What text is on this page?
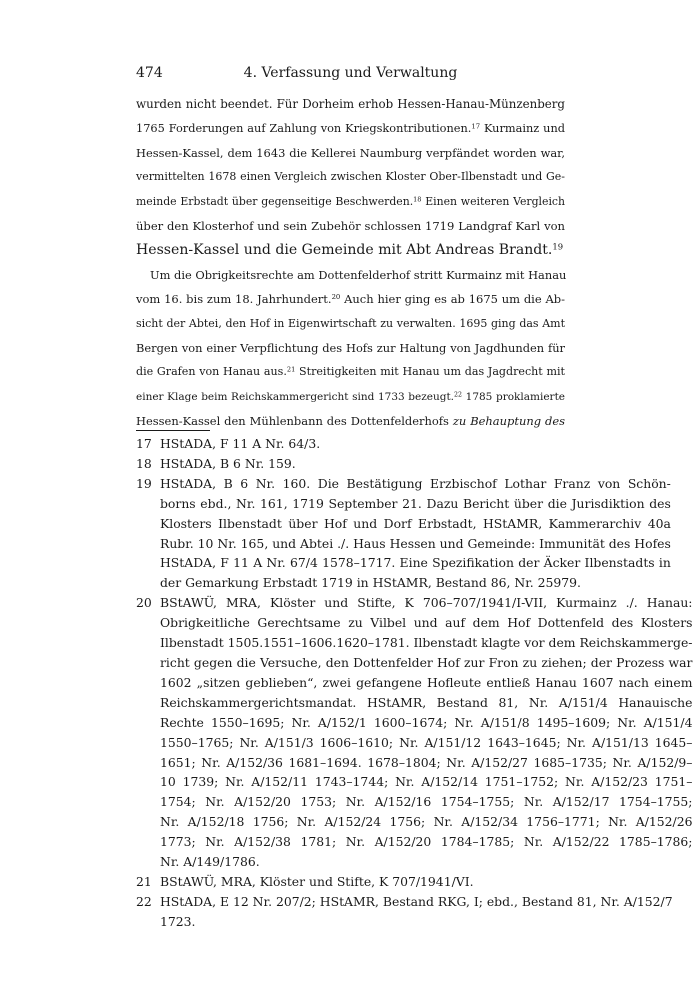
474	4. Verfassung und Verwaltung

wurden nicht beendet. Für Dorheim erhob Hessen-Hanau-Münzenberg
1765 Forderungen auf Zahlung von Kriegskontributionen.$^{17}$ Kurmainz und
Hessen-Kassel, dem 1643 die Kellerei Naumburg verpfändet worden war,
vermittelten 1678 einen Vergleich zwischen Kloster Ober-Ilbenstadt und Ge-
meinde Erbstadt über gegenseitige Beschwerden.$^{18}$ Einen weiteren Vergleich
über den Klosterhof und sein Zubehör schlossen 1719 Landgraf Karl von
Hessen-Kassel und die Gemeinde mit Abt Andreas Brandt.$^{19}$

Um die Obrigkeitsrechte am Dottenfelderhof stritt Kurmainz mit Hanau
vom 16. bis zum 18. Jahrhundert.$^{20}$ Auch hier ging es ab 1675 um die Ab-
sicht der Abtei, den Hof in Eigenwirtschaft zu verwalten. 1695 ging das Amt
Bergen von einer Verpflichtung des Hofs zur Haltung von Jagdhunden für
die Grafen von Hanau aus.$^{21}$ Streitigkeiten mit Hanau um das Jagdrecht mit
einer Klage beim Reichskammergericht sind 1733 bezeugt.$^{22}$ 1785 proklamierte
Hessen-Kassel den Mühlenbann des Dottenfelderhofs zu Behauptung des

17 HStADA, F 11 A Nr. 64/3.
18 HStADA, B 6 Nr. 159.
19 HStADA, B 6 Nr. 160. Die Bestätigung Erzbischof Lothar Franz von Schön-
borns ebd., Nr. 161, 1719 September 21. Dazu Bericht über die Jurisdiktion des
Klosters Ilbenstadt über Hof und Dorf Erbstadt, HStAMR, Kammerarchiv 40a
Rubr. 10 Nr. 165, und Abtei ./. Haus Hessen und Gemeinde: Immunität des Hofes
HStADA, F 11 A Nr. 67/4 1578–1717. Eine Spezifikation der Äcker Ilbenstadts in
der Gemarkung Erbstadt 1719 in HStAMR, Bestand 86, Nr. 25979.
20 BStAWÜ, MRA, Klöster und Stifte, K 706–707/1941/I-VII, Kurmainz ./. Hanau:
Obrigkeitliche Gerechtsame zu Vilbel und auf dem Hof Dottenfeld des Klosters
Ilbenstadt 1505.1551–1606.1620–1781. Ilbenstadt klagte vor dem Reichskammerge-
richt gegen die Versuche, den Dottenfelder Hof zur Fron zu ziehen; der Prozess war
1602 „sitzen geblieben“, zwei gefangene Hofleute entließ Hanau 1607 nach einem
Reichskammergerichtsmandat. HStAMR, Bestand 81, Nr. A/151/4 Hanauische
Rechte 1550–1695; Nr. A/152/1 1600–1674; Nr. A/151/8 1495–1609; Nr. A/151/4
1550–1765; Nr. A/151/3 1606–1610; Nr. A/151/12 1643–1645; Nr. A/151/13 1645–
1651; Nr. A/152/36 1681–1694. 1678–1804; Nr. A/152/27 1685–1735; Nr. A/152/9–
10 1739; Nr. A/152/11 1743–1744; Nr. A/152/14 1751–1752; Nr. A/152/23 1751–
1754; Nr. A/152/20 1753; Nr. A/152/16 1754–1755; Nr. A/152/17 1754–1755;
Nr. A/152/18 1756; Nr. A/152/24 1756; Nr. A/152/34 1756–1771; Nr. A/152/26
1773; Nr. A/152/38 1781; Nr. A/152/20 1784–1785; Nr. A/152/22 1785–1786;
Nr. A/149/1786.
21 BStAWÜ, MRA, Klöster und Stifte, K 707/1941/VI.
22 HStADA, E 12 Nr. 207/2; HStAMR, Bestand RKG, I; ebd., Bestand 81, Nr. A/152/7
1723.
